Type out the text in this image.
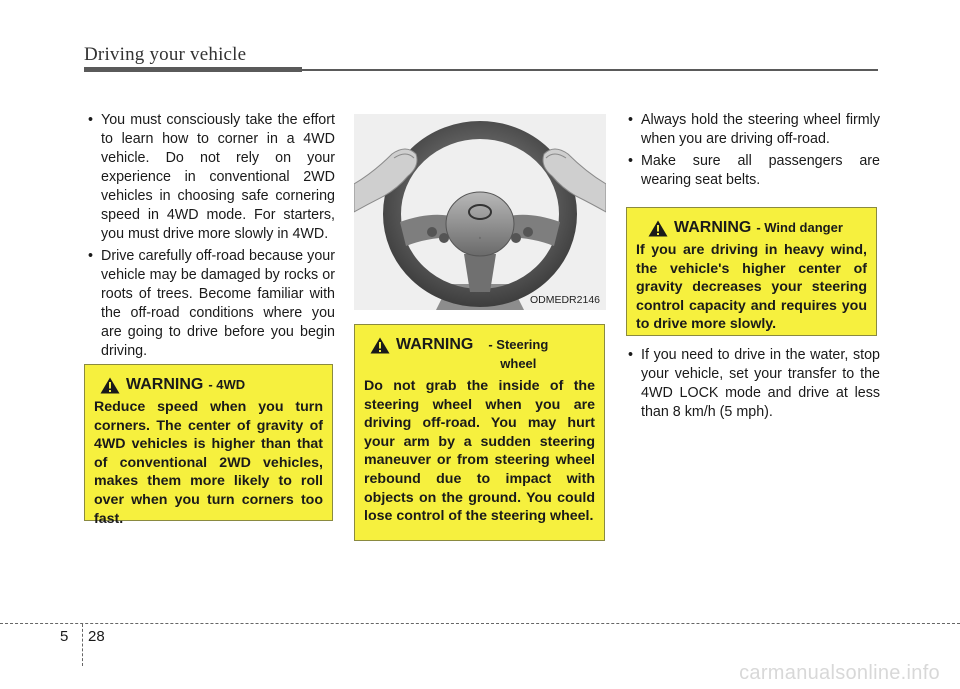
Driving your vehicle

• You must consciously take the effort to learn how to corner in a 4WD vehicle. Do not rely on your experience in conventional 2WD vehicles in choosing safe cornering speed in 4WD mode. For starters, you must drive more slowly in 4WD.

• Drive carefully off-road because your vehicle may be damaged by rocks or roots of trees. Become familiar with the off-road conditions where you are going to drive before you begin driving.

WARNING - 4WD
Reduce speed when you turn corners. The center of gravity of 4WD vehicles is higher than that of conventional 2WD vehicles, makes them more likely to roll over when you turn corners too fast.
◦
ODMEDR2146
WARNING	- Steering wheel
Do not grab the inside of the steering wheel when you are driving off-road. You may hurt your arm by a sudden steering maneuver or from steering wheel rebound due to impact with objects on the ground. You could lose control of the steering wheel.

• Always hold the steering wheel firmly when you are driving off-road.

• Make sure all passengers are wearing seat belts.

WARNING - Wind danger
If you are driving in heavy wind, the vehicle's higher center of gravity decreases your steering control capacity and requires you to drive more slowly.

• If you need to drive in the water, stop your vehicle, set your transfer to the 4WD LOCK mode and drive at less than 8 km/h (5 mph).

5 28
carmanualsonline.info
